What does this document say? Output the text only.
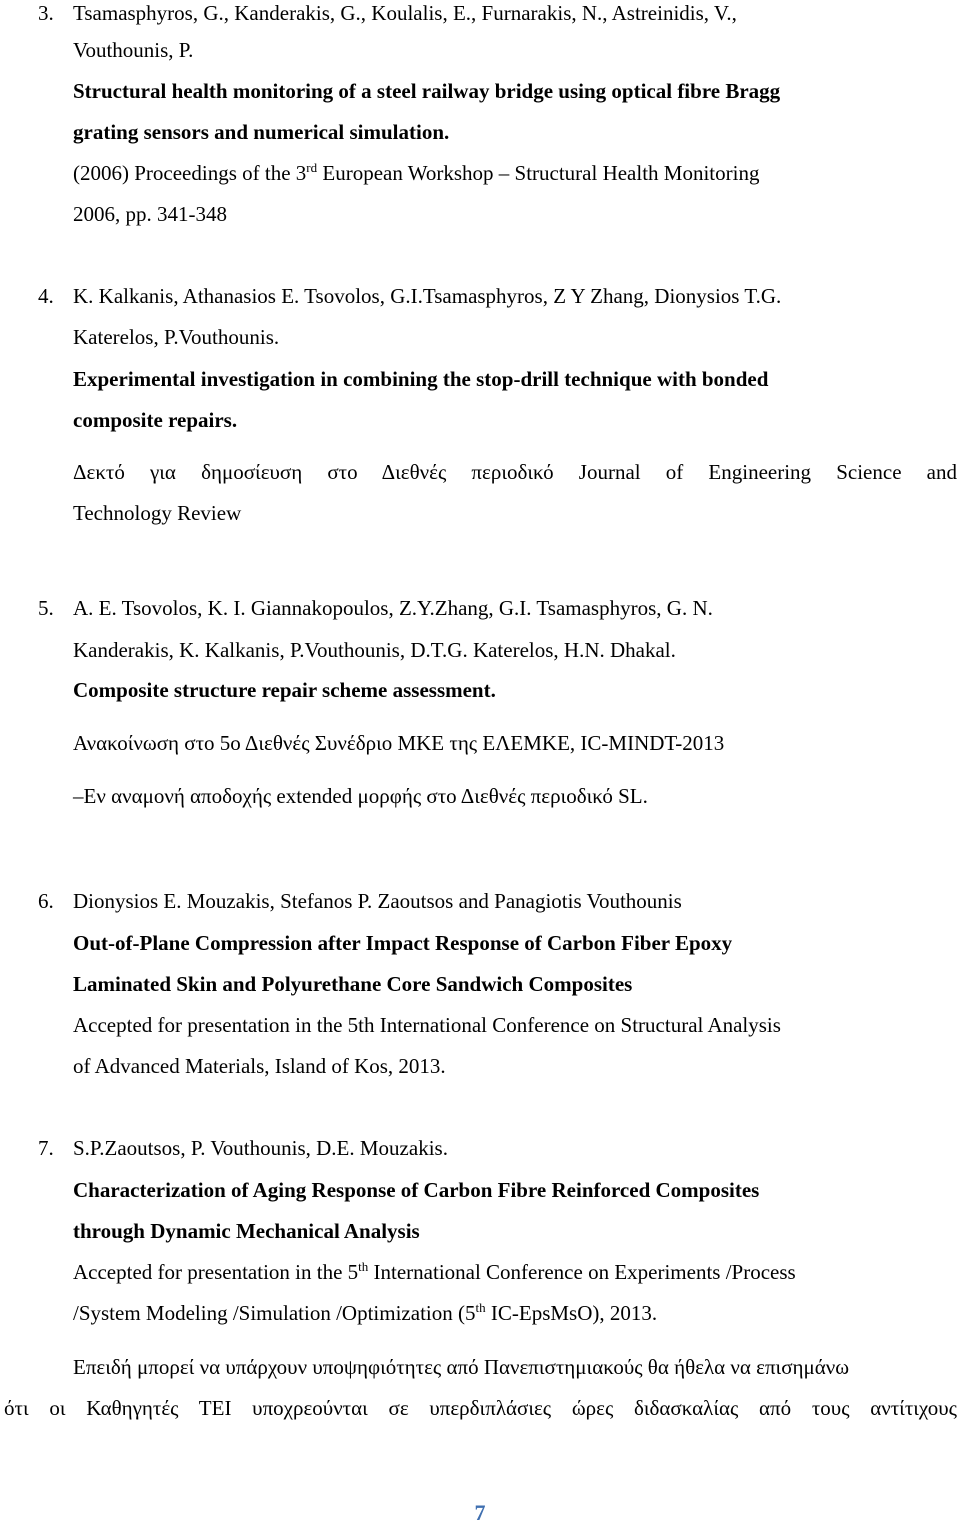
3. Tsamasphyros, G., Kanderakis, G., Koulalis, E., Furnarakis, N., Astreinidis, V.,
Vouthounis, P.
Structural health monitoring of a steel railway bridge using optical fibre Bragg
grating sensors and numerical simulation.
(2006) Proceedings of the 3rd European Workshop – Structural Health Monitoring
2006, pp. 341-348
4. K. Kalkanis, Athanasios E. Tsovolos, G.I.Tsamasphyros, Z Y Zhang, Dionysios T.G.
Katerelos, P.Vouthounis.
Experimental investigation in combining the stop-drill technique with bonded
composite repairs.
Δεκτό για δημοσίευση στο Διεθνές περιοδικό Journal of Engineering Science and
Technology Review
5. A. E. Tsovolos, K. I. Giannakopoulos, Z.Y.Zhang, G.I. Tsamasphyros, G. N.
Kanderakis, K. Kalkanis, P.Vouthounis, D.T.G. Katerelos, H.N. Dhakal.
Composite structure repair scheme assessment.
Ανακοίνωση στο 5ο Διεθνές Συνέδριο ΜΚΕ της ΕΛΕΜΚΕ, IC-MINDT-2013
–Εν αναμονή αποδοχής extended μορφής στο Διεθνές περιοδικό SL.
6. Dionysios E. Mouzakis, Stefanos P. Zaoutsos and Panagiotis Vouthounis
Out-of-Plane Compression after Impact Response of Carbon Fiber Epoxy
Laminated Skin and Polyurethane Core Sandwich Composites
Accepted for presentation in the 5th International Conference on Structural Analysis
of Advanced Materials, Island of Kos, 2013.
7. S.P.Zaoutsos, P. Vouthounis, D.E. Mouzakis.
Characterization of Aging Response of Carbon Fibre Reinforced Composites
through Dynamic Mechanical Analysis
Accepted for presentation in the 5th International Conference on Experiments /Process
/System Modeling /Simulation /Optimization (5th IC-EpsMsO), 2013.
Επειδή μπορεί να υπάρχουν υποψηφιότητες από Πανεπιστημιακούς θα ήθελα να επισημάνω
ότι οι Καθηγητές ΤΕΙ υποχρεούνται σε υπερδιπλάσιες ώρες διδασκαλίας από τους αντίτιχους
7
